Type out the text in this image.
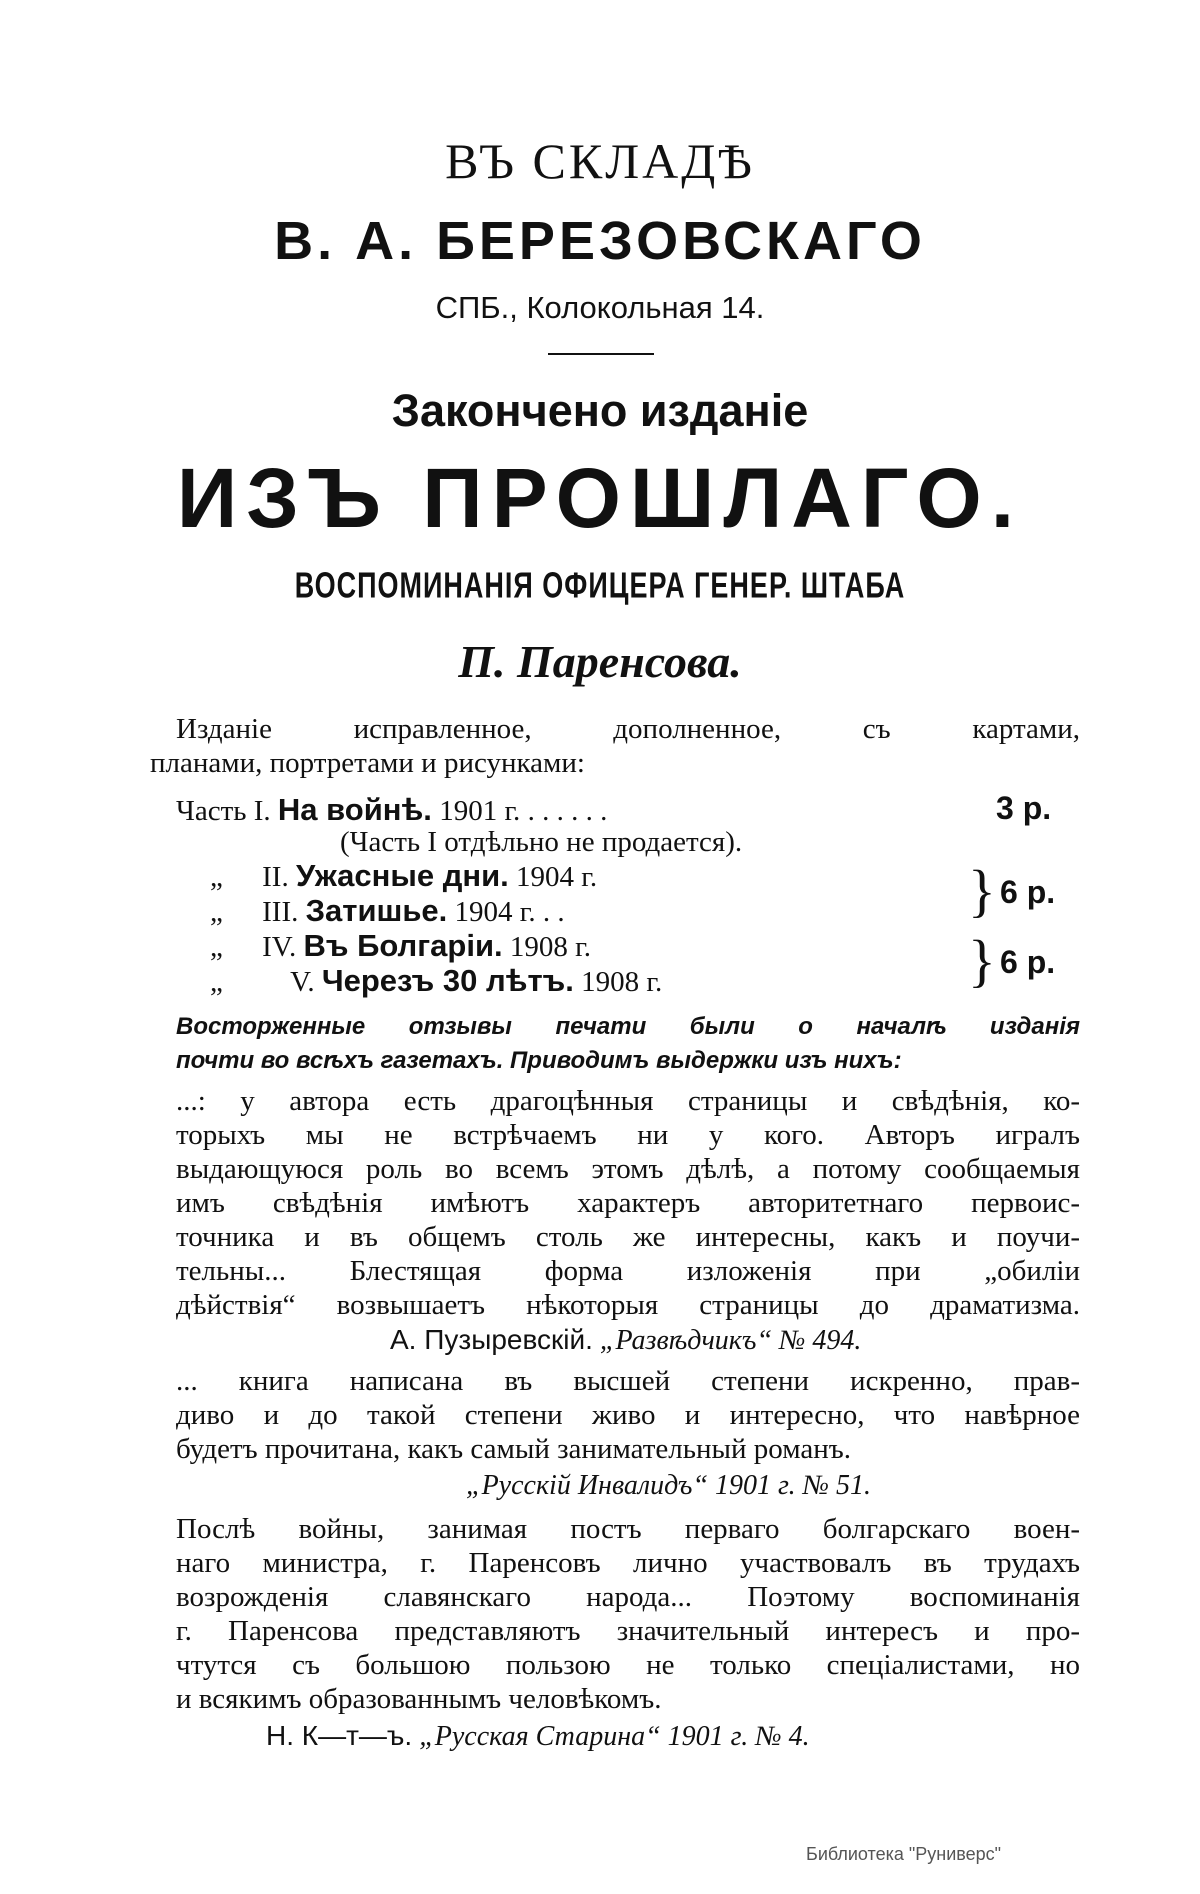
ВЪ СКЛАДѢ
В. А. БЕРЕЗОВСКАГО
СПБ., Колокольная 14.
Закончено изданіе
ИЗЪ ПРОШЛАГО.
ВОСПОМИНАНІЯ ОФИЦЕРА ГЕНЕР. ШТАБА
П. Паренсова.
Изданіе исправленное, дополненное, съ картами,
планами, портретами и рисунками:
Часть I. На войнѣ. 1901 г. . . . . . .	3 р.
(Часть I отдѣльно не продается).
„ II. Ужасные дни. 1904 г.
„ III. Затишье. 1904 г. . .	} 6 р.
„ IV. Въ Болгаріи. 1908 г.
„ V. Черезъ 30 лѣтъ. 1908 г.	} 6 р.
Восторженные отзывы печати были о началѣ изданія
почти во всѣхъ газетахъ. Приводимъ выдержки изъ нихъ:
...: у автора есть драгоцѣнныя страницы и свѣдѣнія, ко-
торыхъ мы не встрѣчаемъ ни у кого. Авторъ игралъ
выдающуюся роль во всемъ этомъ дѣлѣ, а потому сообщаемыя
имъ свѣдѣнія имѣютъ характеръ авторитетнаго первоис-
точника и въ общемъ столь же интересны, какъ и поучи-
тельны... Блестящая форма изложенія при „обиліи
дѣйствія“ возвышаетъ нѣкоторыя страницы до драматизма.
А. Пузыревскій. „Развѣдчикъ“ № 494.
... книга написана въ высшей степени искренно, прав-
диво и до такой степени живо и интересно, что навѣрное
будетъ прочитана, какъ самый занимательный романъ.
„Русскій Инвалидъ“ 1901 г. № 51.
Послѣ войны, занимая постъ перваго болгарскаго воен-
наго министра, г. Паренсовъ лично участвовалъ въ трудахъ
возрожденія славянскаго народа... Поэтому воспоминанія
г. Паренсова представляютъ значительный интересъ и про-
чтутся съ большою пользою не только спеціалистами, но
и всякимъ образованнымъ человѣкомъ.
Н. К—т—ъ. „Русская Старина“ 1901 г. № 4.
Библиотека "Руниверс"
